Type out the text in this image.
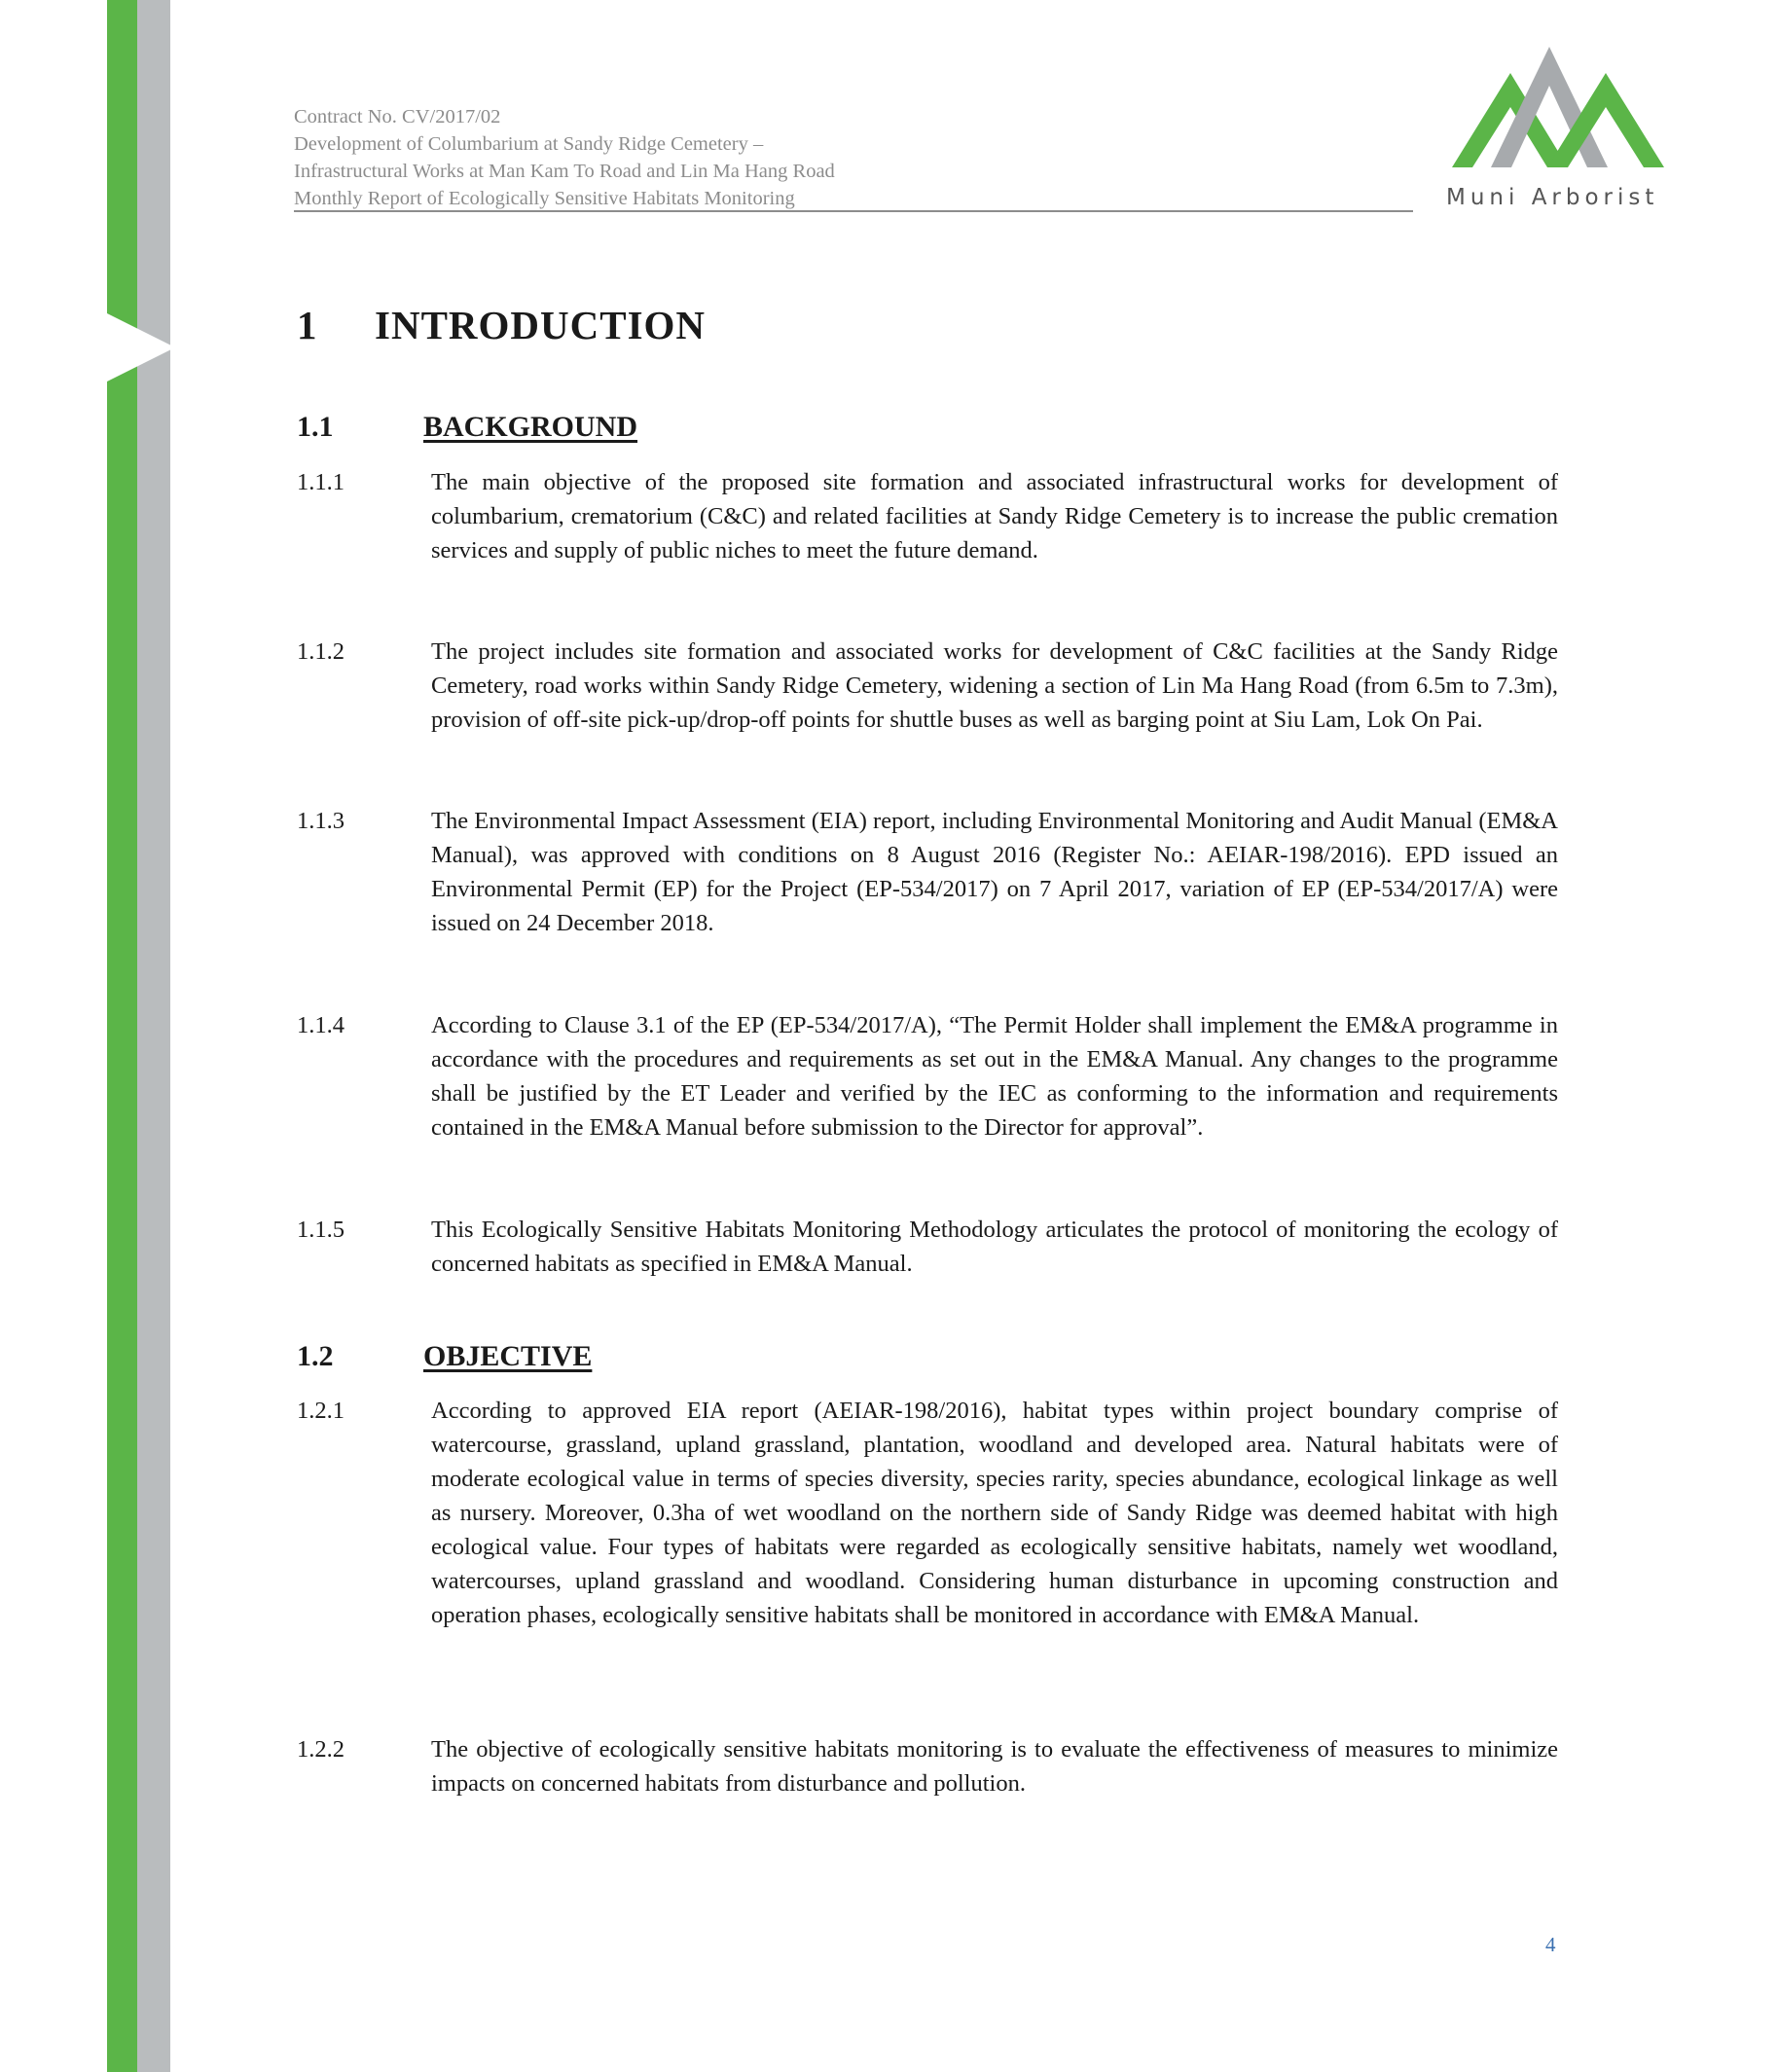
Contract No. CV/2017/02
Development of Columbarium at Sandy Ridge Cemetery –
Infrastructural Works at Man Kam To Road and Lin Ma Hang Road
Monthly Report of Ecologically Sensitive Habitats Monitoring	Muni Arborist
1 INTRODUCTION
1.1	BACKGROUND
1.1.1	The main objective of the proposed site formation and associated infrastructural works for development of columbarium, crematorium (C&C) and related facilities at Sandy Ridge Cemetery is to increase the public cremation services and supply of public niches to meet the future demand.
1.1.2	The project includes site formation and associated works for development of C&C facilities at the Sandy Ridge Cemetery, road works within Sandy Ridge Cemetery, widening a section of Lin Ma Hang Road (from 6.5m to 7.3m), provision of off-site pick-up/drop-off points for shuttle buses as well as barging point at Siu Lam, Lok On Pai.
1.1.3	The Environmental Impact Assessment (EIA) report, including Environmental Monitoring and Audit Manual (EM&A Manual), was approved with conditions on 8 August 2016 (Register No.: AEIAR-198/2016). EPD issued an Environmental Permit (EP) for the Project (EP-534/2017) on 7 April 2017, variation of EP (EP-534/2017/A) were issued on 24 December 2018.
1.1.4	According to Clause 3.1 of the EP (EP-534/2017/A), “The Permit Holder shall implement the EM&A programme in accordance with the procedures and requirements as set out in the EM&A Manual. Any changes to the programme shall be justified by the ET Leader and verified by the IEC as conforming to the information and requirements contained in the EM&A Manual before submission to the Director for approval”.
1.1.5	This Ecologically Sensitive Habitats Monitoring Methodology articulates the protocol of monitoring the ecology of concerned habitats as specified in EM&A Manual.
1.2	OBJECTIVE
1.2.1	According to approved EIA report (AEIAR-198/2016), habitat types within project boundary comprise of watercourse, grassland, upland grassland, plantation, woodland and developed area. Natural habitats were of moderate ecological value in terms of species diversity, species rarity, species abundance, ecological linkage as well as nursery. Moreover, 0.3ha of wet woodland on the northern side of Sandy Ridge was deemed habitat with high ecological value. Four types of habitats were regarded as ecologically sensitive habitats, namely wet woodland, watercourses, upland grassland and woodland. Considering human disturbance in upcoming construction and operation phases, ecologically sensitive habitats shall be monitored in accordance with EM&A Manual.
1.2.2	The objective of ecologically sensitive habitats monitoring is to evaluate the effectiveness of measures to minimize impacts on concerned habitats from disturbance and pollution.
4
